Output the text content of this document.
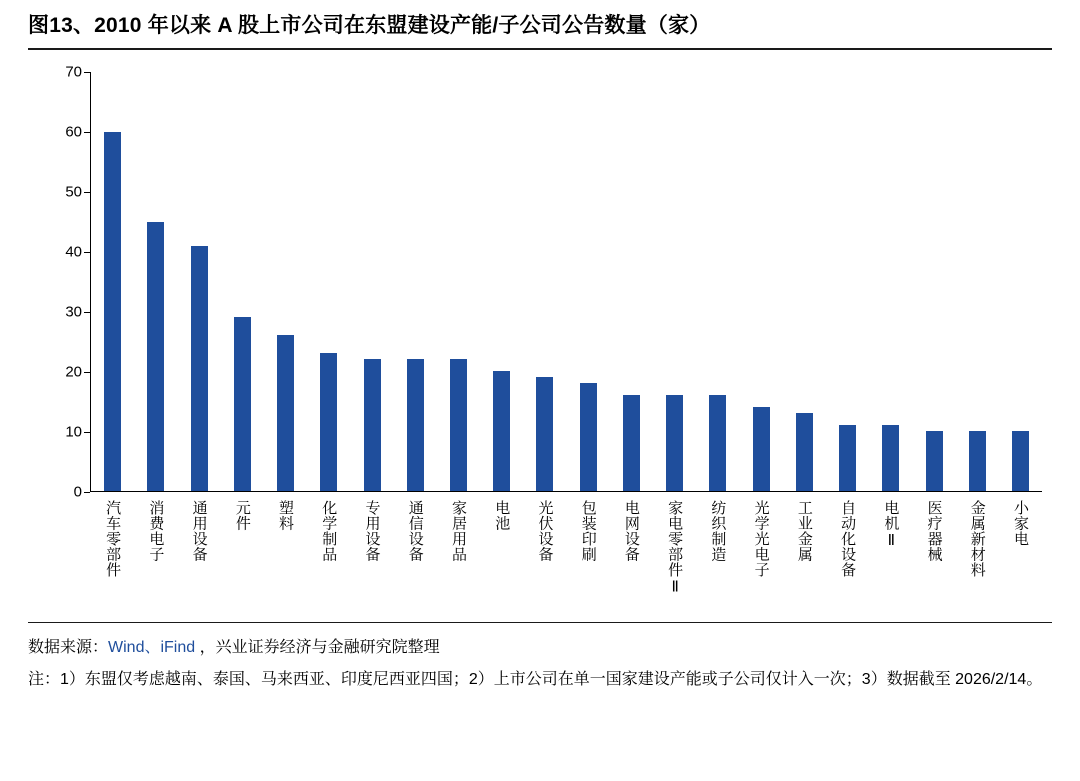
图13、2010 年以来 A 股上市公司在东盟建设产能/子公司公告数量（家）
0
10
20
30
40
50
60
70
汽车零部件 消费电子 通用设备 元件 塑料 化学制品 专用设备 通信设备 家居用品 电池 光伏设备 包装印刷 电网设备 家电零部件Ⅱ 纺织制造 光学光电子 工业金属 自动化设备 电机Ⅱ 医疗器械 金属新材料 小家电
数据来源：Wind、iFind ，兴业证券经济与金融研究院整理
注：1）东盟仅考虑越南、泰国、马来西亚、印度尼西亚四国；2）上市公司在单一国家建设产能或子公司仅计入一次；3）数据截至 2026/2/14。
